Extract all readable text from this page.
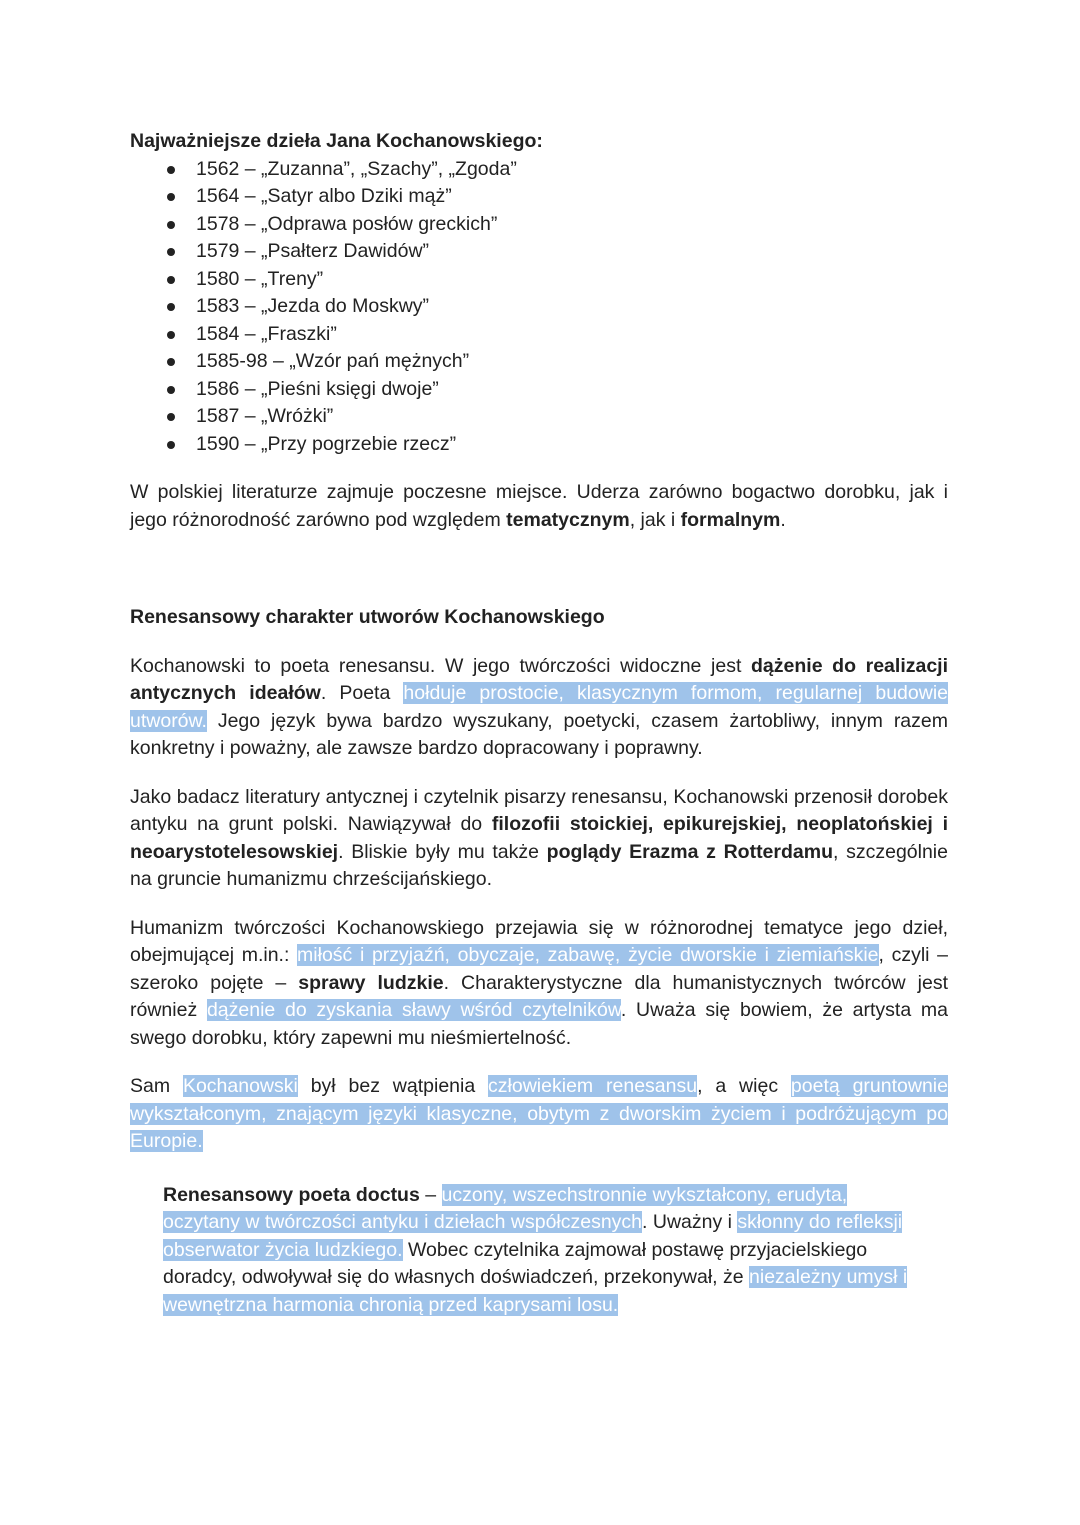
Najważniejsze dzieła Jana Kochanowskiego:

1562 – „Zuzanna”, „Szachy”, „Zgoda”
1564 – „Satyr albo Dziki mąż”
1578 – „Odprawa posłów greckich”
1579 – „Psałterz Dawidów”
1580 – „Treny”
1583 – „Jezda do Moskwy”
1584 – „Fraszki”
1585-98 – „Wzór pań mężnych”
1586 – „Pieśni księgi dwoje”
1587 – „Wróżki”
1590 – „Przy pogrzebie rzecz”

W polskiej literaturze zajmuje poczesne miejsce. Uderza zarówno bogactwo dorobku, jak i jego różnorodność zarówno pod względem tematycznym, jak i formalnym.

Renesansowy charakter utworów Kochanowskiego

Kochanowski to poeta renesansu. W jego twórczości widoczne jest dążenie do realizacji antycznych ideałów. Poeta hołduje prostocie, klasycznym formom, regularnej budowie utworów. Jego język bywa bardzo wyszukany, poetycki, czasem żartobliwy, innym razem konkretny i poważny, ale zawsze bardzo dopracowany i poprawny.

Jako badacz literatury antycznej i czytelnik pisarzy renesansu, Kochanowski przenosił dorobek antyku na grunt polski. Nawiązywał do filozofii stoickiej, epikurejskiej, neoplatońskiej i neoarystotelesowskiej. Bliskie były mu także poglądy Erazma z Rotterdamu, szczególnie na gruncie humanizmu chrześcijańskiego.

Humanizm twórczości Kochanowskiego przejawia się w różnorodnej tematyce jego dzieł, obejmującej m.in.: miłość i przyjaźń, obyczaje, zabawę, życie dworskie i ziemiańskie, czyli – szeroko pojęte – sprawy ludzkie. Charakterystyczne dla humanistycznych twórców jest również dążenie do zyskania sławy wśród czytelników. Uważa się bowiem, że artysta ma swego dorobku, który zapewni mu nieśmiertelność.

Sam Kochanowski był bez wątpienia człowiekiem renesansu, a więc poetą gruntownie wykształconym, znającym języki klasyczne, obytym z dworskim życiem i podróżującym po Europie.

Renesansowy poeta doctus – uczony, wszechstronnie wykształcony, erudyta, oczytany w twórczości antyku i dziełach współczesnych. Uważny i skłonny do refleksji obserwator życia ludzkiego. Wobec czytelnika zajmował postawę przyjacielskiego doradcy, odwoływał się do własnych doświadczeń, przekonywał, że niezależny umysł i wewnętrzna harmonia chronią przed kaprysami losu.
